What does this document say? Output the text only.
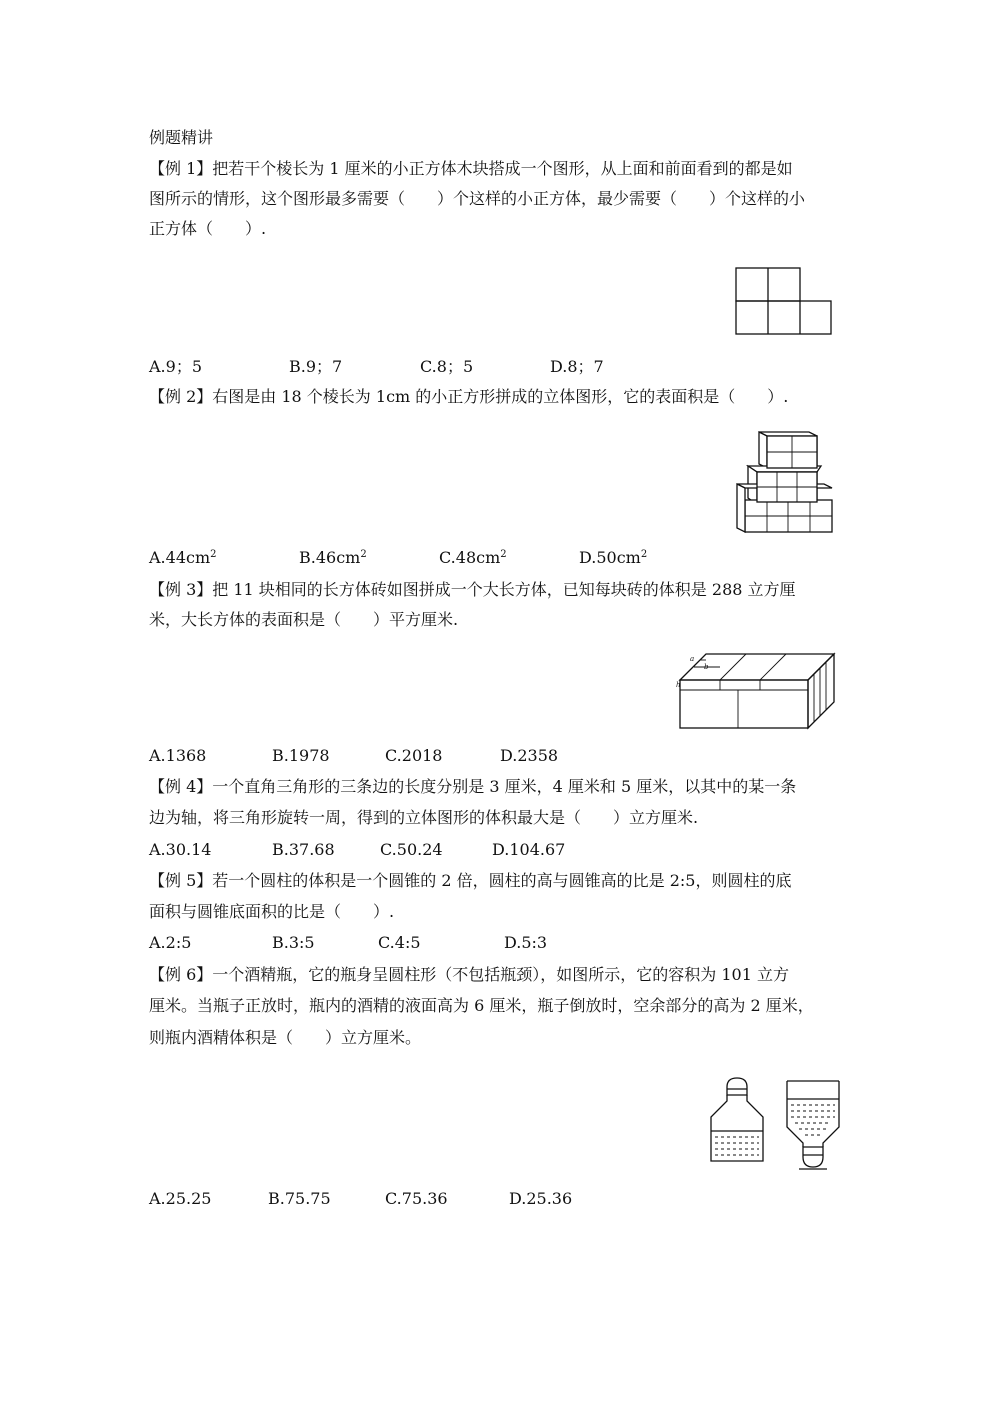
例题精讲
【例 1】把若干个棱长为 1 厘米的小正方体木块搭成一个图形，从上面和前面看到的都是如
图所示的情形，这个图形最多需要（　　）个这样的小正方体，最少需要（　　）个这样的小
正方体（　　）.
A.9；5	B.9；7	C.8；5	D.8；7
【例 2】右图是由 18 个棱长为 1cm 的小正方形拼成的立体图形，它的表面积是（　　）.
$A.44cm^2$	$B.46cm^2$	$C.48cm^2$	$D.50cm^2$
【例 3】把 11 块相同的长方体砖如图拼成一个大长方体，已知每块砖的体积是 288 立方厘
米，大长方体的表面积是（　　）平方厘米.
a
b
h
A.1368	B.1978	C.2018	D.2358
【例 4】一个直角三角形的三条边的长度分别是 3 厘米，4 厘米和 5 厘米，以其中的某一条
边为轴，将三角形旋转一周，得到的立体图形的体积最大是（　　）立方厘米.
A.30.14	B.37.68	C.50.24	D.104.67
【例 5】若一个圆柱的体积是一个圆锥的 2 倍，圆柱的高与圆锥高的比是 2:5，则圆柱的底
面积与圆锥底面积的比是（　　）.
A.2:5	B.3:5	C.4:5	D.5:3
【例 6】一个酒精瓶，它的瓶身呈圆柱形（不包括瓶颈），如图所示，它的容积为 101 立方
厘米。当瓶子正放时，瓶内的酒精的液面高为 6 厘米，瓶子倒放时，空余部分的高为 2 厘米，
则瓶内酒精体积是（　　）立方厘米。
A.25.25	B.75.75	C.75.36	D.25.36
